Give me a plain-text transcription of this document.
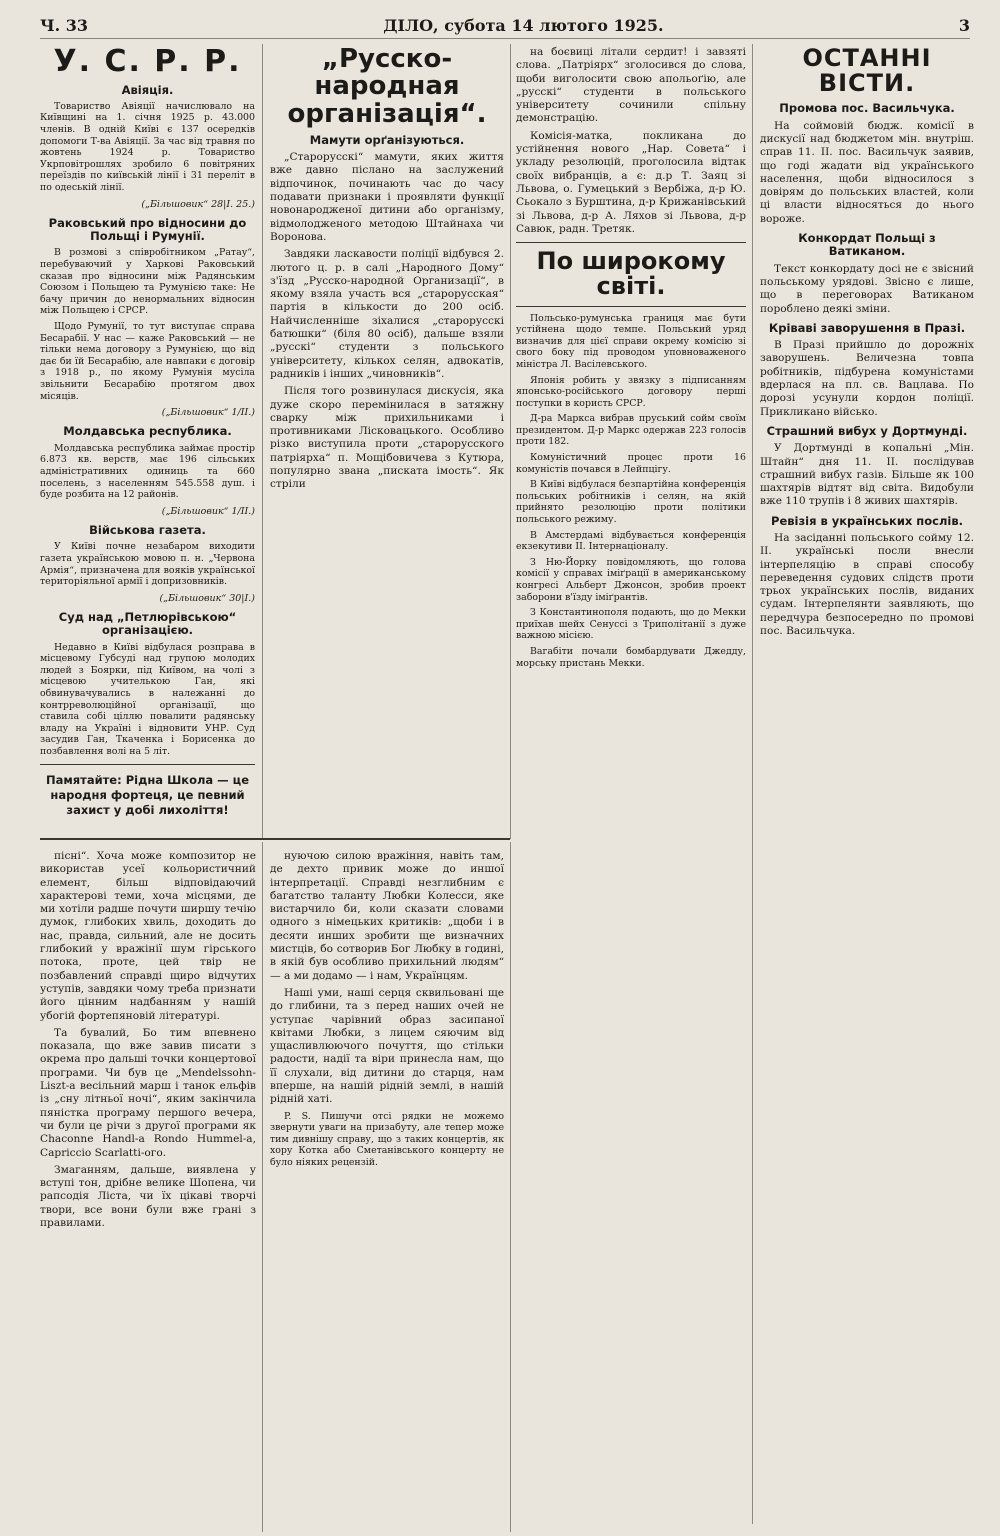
Ч. 33	ДІЛО, субота 14 лютого 1925.	3
У. С. Р. Р.
Авіяція.

Товариство Авіяції начислювало на Київщині на 1. січня 1925 р. 43.000 членів. В одній Київі є 137 осередків допомоги Т-ва Авіяції. За час від травня по жовтень 1924 р. Товариство Укрповітрошлях зробило 6 повітряних переїздів по київській лінії і 31 переліт в по одеській лінії.

(„Більшовик“ 28|І. 25.)
Раковський про відносини до Польщі і Румунії.

В розмові з співробітником „Ратау“, перебуваючий у Харкові Раковський сказав про відносини між Радянським Союзом і Польщею та Румунією таке: Не бачу причин до ненормальних відносин між Польщею і СРСР.

Щодо Румунії, то тут виступає справа Бесарабії. У нас — каже Раковський — не тільки нема договору з Румунією, що від дає би їй Бесарабію, але навпаки є договір з 1918 р., по якому Румунія мусіла звільнити Бесарабію протягом двох місяців.

(„Більшовик“ 1/II.)
Молдавська республика.

Молдавська республика займає простір 6.873 кв. верств, має 196 сільських адміністративних одиниць та 660 поселень, з населенням 545.558 душ. і буде розбита на 12 районів.

(„Більшовик“ 1/II.)
Військова газета.

У Київі почне незабаром виходити газета українською мовою п. н. „Червона Армія“, призначена для вояків української територіяльної армії і допризовників.

(„Більшовик“ 30|І.)
Суд над „Петлюрівською“ організацією.

Недавно в Київі відбулася розправа в місцевому Губсуді над групою молодих людей з Боярки, під Київом, на чолі з місцевою учителькою Ган, які обвинувачувались в належанні до контрреволюційної організації, що ставила собі ціллю повалити радянську владу на Україні і відновити УНР. Суд засудив Ган, Ткаченка і Борисенка до позбавлення волі на 5 літ.

Памятайте: Рідна Школа — це народня фортеця, це певний захист у добі лихоліття!
„Русско-народная організація“.
Мамути орґанізуються.

„Старорусскі“ мамути, яких життя вже давно післано на заслужений відпочинок, починають час до часу подавати признаки і проявляти функції новонародженої дитини або організму, відмолодженого методою Штайнаха чи Воронова.

Завдяки ласкавости поліції відбувся 2. лютого ц. р. в салі „Народного Дому“ з'їзд „Русско-народной Организації“, в якому взяла участь вся „старорусская“ партія в кількости до 200 осіб. Найчисленніше зіхалися „старорусскі батюшки“ (біля 80 осіб), дальше взяли „русскі“ студенти з польського університету, кількох селян, адвокатів, радників і інших „чиновників“.

Після того розвинулася дискусія, яка дуже скоро перемінилася в затяжну сварку між прихильниками і противниками Лісковацького. Особливо різко виступила проти „старорусского патріярха“ п. Мощібовичева з Кутюра, популярно звана „пискатa імость“. Як стріли

на боєвиці літали сердит! і завзяті слова. „Патріярх“ зголосився до слова, щоби виголосити свою апольоґію, але „русскі“ студенти в польського університету сочинили спільну демонстрацію.

Комісія-матка, покликана до устійнення нового „Нар. Совета“ і укладу резолюцій, проголосила відтак своїх вибранців, а є: д.р Т. Заяц зі Львова, о. Гумецький з Вербіжа, д-р Ю. Сьокало з Бурштина, д-р Крижанівський зі Львова, д-р А. Ляхов зі Львова, д-р Савюк, радн. Третяк.

По широкому світі.

Польсько-румунська границя має бути устійнена щодо темпе. Польський уряд визначив для цієї справи окрему комісію зі свого боку під проводом уповноваженого міністра Л. Васілевського.

Японія робить у звязку з підписанням японсько-російського договору перші поступки в користь СРСР.

Д-ра Маркса вибрав пруський сойм своїм президентом. Д-р Маркс одержав 223 голосів проти 182.

Комуністичний процес проти 16 комуністів почався в Лейпцігу.

В Київі відбулася безпартійна конференція польських робітників і селян, на якій прийнято резолюцію проти політики польського режиму.

В Амстердамі відбувається конференція екзекутиви II. Інтернаціоналу.

З Ню-Йорку повідомляють, що голова комісії у справах іміґрації в американському конгресі Альберт Джонсон, зробив проект заборони в'їзду іміґрантів.

З Константинополя подають, що до Мекки приїхав шейх Сенуссі з Триполітанії з дуже важною місією.

Вагабіти почали бомбардувати Джедду, морську пристань Мекки.

ОСТАННІ ВІСТИ.
Промова пос. Васильчука.

На соймовій бюдж. комісії в дискусії над бюджетом мін. внутріш. справ 11. II. пос. Васильчук заявив, що годі жадати від українського населення, щоби відносилося з довірям до польських властей, коли ці власти відносяться до нього вороже.

Конкордат Польщі з Ватиканом.

Текст конкордату досі не є звісний польському урядові. Звісно є лише, що в переговорах Ватиканом пороблено деякі зміни.

Кріваві заворушення в Празі.

В Празі прийшло до дорожніх заворушень. Величезна товпа робітників, підбурена комуністами вдерлася на пл. св. Вацлава. По дорозі усунули кордон поліції. Прикликано військо.

Страшний вибух у Дортмунді.

У Дортмунді в копальні „Мін. Штайн“ дня 11. II. послідував страшний вибух газів. Більше як 100 шахтярів відтят від світа. Видобули вже 110 трупів і 8 живих шахтярів.

Ревізія в українських послів.

На засіданні польського сойму 12. II. українські посли внесли інтерпеляцію в справі способу переведення судових слідств проти трьох українських послів, виданих судам. Інтерпелянти заявляють, що передчура безпосередно по промові пос. Васильчука.

пісні“. Хоча може композитор не використав усеї кольористичний елемент, більш відповідаючий характеровi теми, хоча місцями, де ми хотіли радше почути ширшу течію думок, глибоких хвиль, доходить до нас, правда, сильний, але не досить глибокий у вражінії шум гірського потока, проте, цей твір не позбавлений справді щиро відчутих уступів, завдяки чому треба признати його цінним надбанням у нашій убогій фортепяновій літературі.

Та бувалий, Бо тим впевнено показала, що вже завив писати з окрема про дальші точки концертової програми. Чи був це „Mendelssohn-Liszt-а весільний марш і танок ельфів із „сну літньої ночі“, яким закінчила пяністка програму першого вечера, чи були це річи з другої програми як Chaconne Handl-a Rondo Hummel-a, Capriccio Scarlatti-ого.

Змаганням, дальше, виявлена у вступі тон, дрібне велике Шопена, чи рапсодія Ліста, чи їх цікаві творчі твори, все вони були вже грані з правилами.

нуючою силою вражіння, навіть там, де дехто привик може до иншої інтерпретації. Справді незглибним є багатство таланту Любки Колесси, яке вистарчило би, коли сказати словами одного з німецьких критиків: „щоби і в десяти инших зробити ще визначних мистців, бо сотворив Бог Любку в годині, в якій був особливо прихильний людям“ — а ми додамо — і нам, Українцям.

Наші уми, наші серця сквильовані ще до глибини, та з перед наших очей не уступає чарівний образ засипаної квітами Любки, з лицем сяючим від ущасливлюючого почуття, що стільки радости, надії та віри принесла нам, що її слухали, від дитини до старця, нам вперше, на нашій рідній землі, в нашій рідній хаті.

P. S. Пишучи отсі рядки не можемо звернути уваги на призабуту, але тепер може тим дивнішу справу, що з таких концертів, як хору Котка або Сметанівського концерту не було ніяких рецензій.
